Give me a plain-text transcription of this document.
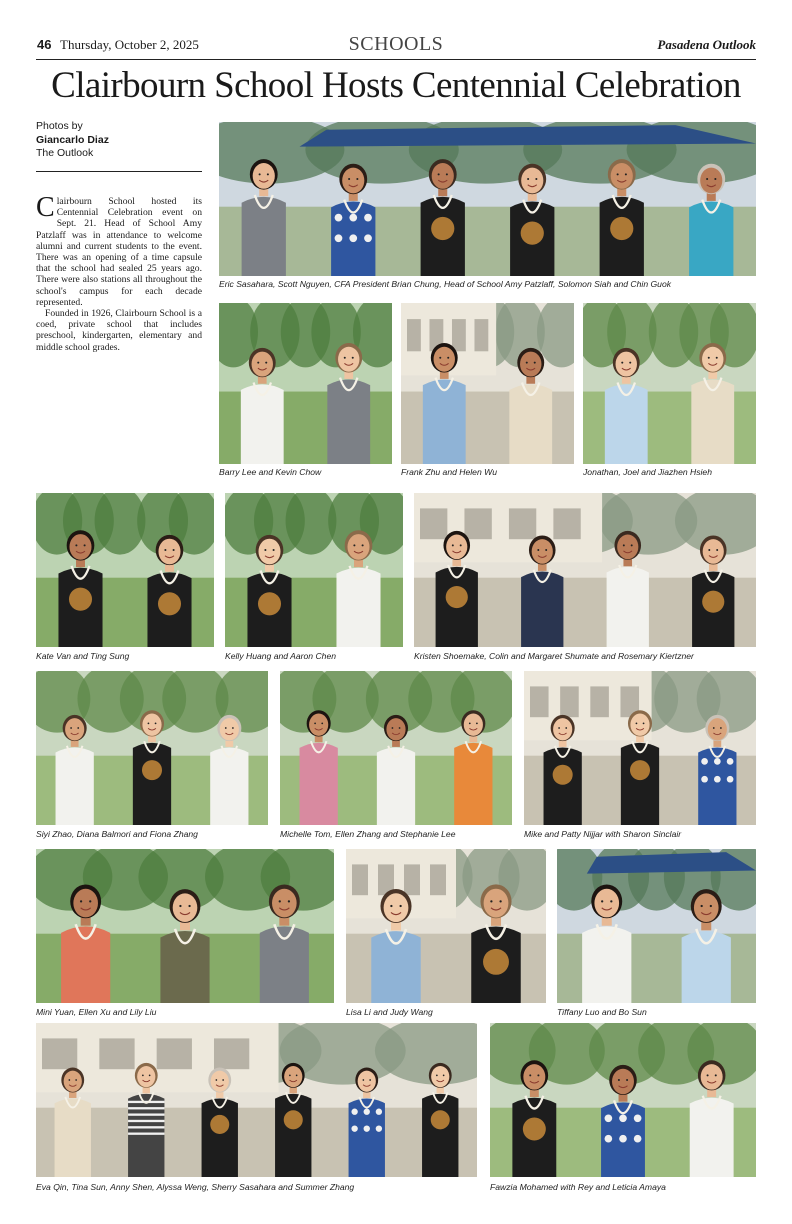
46 Thursday, October 2, 2025	SCHOOLS	Pasadena Outlook
Clairbourn School Hosts Centennial Celebration
Photos by
Giancarlo Diaz
The Outlook

Clairbourn School hosted its Centennial Celebration event on Sept. 21. Head of School Amy Patzlaff was in attendance to welcome alumni and current students to the event. There was an opening of a time capsule that the school had sealed 25 years ago. There were also stations all throughout the school's campus for each decade represented.

Founded in 1926, Clairbourn School is a coed, private school that includes preschool, kindergarten, elementary and middle school grades.

Eric Sasahara, Scott Nguyen, CFA President Brian Chung, Head of School Amy Patzlaff, Solomon Siah and Chin Guok
Barry Lee and Kevin Chow	Frank Zhu and Helen Wu	Jonathan, Joel and Jiazhen Hsieh
Kate Van and Ting Sung	Kelly Huang and Aaron Chen	Kristen Shoemake, Colin and Margaret Shumate and Rosemary Kiertzner
Siyi Zhao, Diana Balmori and Fiona Zhang	Michelle Tom, Ellen Zhang and Stephanie Lee	Mike and Patty Nijjar with Sharon Sinclair
Mini Yuan, Ellen Xu and Lily Liu	Lisa Li and Judy Wang	Tiffany Luo and Bo Sun
Eva Qin, Tina Sun, Anny Shen, Alyssa Weng, Sherry Sasahara and Summer Zhang	Fawzia Mohamed with Rey and Leticia Amaya
